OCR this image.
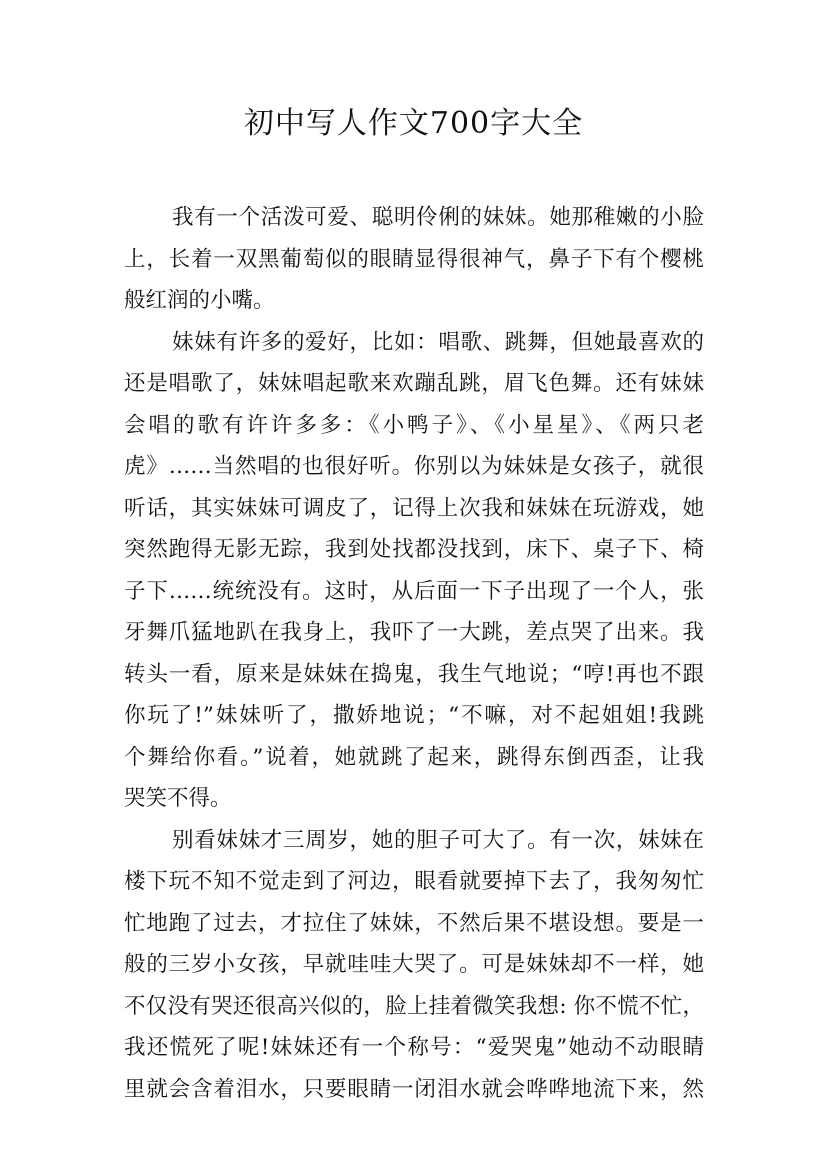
初中写人作文700字大全
我有一个活泼可爱、聪明伶俐的妹妹。她那稚嫩的小脸
上，长着一双黑葡萄似的眼睛显得很神气，鼻子下有个樱桃
般红润的小嘴。
妹妹有许多的爱好，比如：唱歌、跳舞，但她最喜欢的
还是唱歌了，妹妹唱起歌来欢蹦乱跳，眉飞色舞。还有妹妹
会唱的歌有许许多多：《小鸭子》、《小星星》、《两只老
虎》……当然唱的也很好听。你别以为妹妹是女孩子，就很
听话，其实妹妹可调皮了，记得上次我和妹妹在玩游戏，她
突然跑得无影无踪，我到处找都没找到，床下、桌子下、椅
子下……统统没有。这时，从后面一下子出现了一个人，张
牙舞爪猛地趴在我身上，我吓了一大跳，差点哭了出来。我
转头一看，原来是妹妹在捣鬼，我生气地说；“哼!再也不跟
你玩了!”妹妹听了，撒娇地说；“不嘛，对不起姐姐!我跳
个舞给你看。”说着，她就跳了起来，跳得东倒西歪，让我
哭笑不得。
别看妹妹才三周岁，她的胆子可大了。有一次，妹妹在
楼下玩不知不觉走到了河边，眼看就要掉下去了，我匆匆忙
忙地跑了过去，才拉住了妹妹，不然后果不堪设想。要是一
般的三岁小女孩，早就哇哇大哭了。可是妹妹却不一样，她
不仅没有哭还很高兴似的，脸上挂着微笑我想: 你不慌不忙，
我还慌死了呢!妹妹还有一个称号：“爱哭鬼”她动不动眼睛
里就会含着泪水，只要眼睛一闭泪水就会哗哗地流下来，然
